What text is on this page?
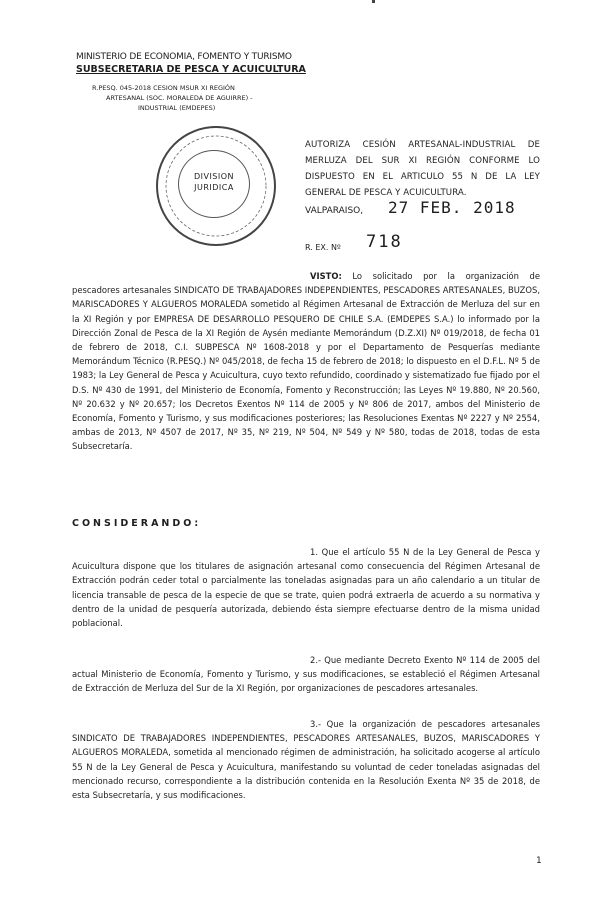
MINISTERIO DE ECONOMIA, FOMENTO Y TURISMO
SUBSECRETARIA DE PESCA Y ACUICULTURA
R.PESQ. 045-2018 CESION MSUR XI REGIÓN
ARTESANAL (SOC. MORALEDA DE AGUIRRE) -
INDUSTRIAL (EMDEPES)
DIVISION
JURIDICA
AUTORIZA CESIÓN ARTESANAL-INDUSTRIAL DE MERLUZA DEL SUR XI REGIÓN CONFORME LO DISPUESTO EN EL ARTICULO 55 N DE LA LEY GENERAL DE PESCA Y ACUICULTURA.
VALPARAISO, 27 FEB. 2018
R. EX. Nº 718
VISTO: Lo solicitado por la organización de pescadores artesanales SINDICATO DE TRABAJADORES INDEPENDIENTES, PESCADORES ARTESANALES, BUZOS, MARISCADORES Y ALGUEROS MORALEDA sometido al Régimen Artesanal de Extracción de Merluza del sur en la XI Región y por EMPRESA DE DESARROLLO PESQUERO DE CHILE S.A. (EMDEPES S.A.) lo informado por la Dirección Zonal de Pesca de la XI Región de Aysén mediante Memorándum (D.Z.XI) Nº 019/2018, de fecha 01 de febrero de 2018, C.I. SUBPESCA Nº 1608-2018 y por el Departamento de Pesquerías mediante Memorándum Técnico (R.PESQ.) Nº 045/2018, de fecha 15 de febrero de 2018; lo dispuesto en el D.F.L. Nº 5 de 1983; la Ley General de Pesca y Acuicultura, cuyo texto refundido, coordinado y sistematizado fue fijado por el D.S. Nº 430 de 1991, del Ministerio de Economía, Fomento y Reconstrucción; las Leyes Nº 19.880, Nº 20.560, Nº 20.632 y Nº 20.657; los Decretos Exentos Nº 114 de 2005 y Nº 806 de 2017, ambos del Ministerio de Economía, Fomento y Turismo, y sus modificaciones posteriores; las Resoluciones Exentas Nº 2227 y Nº 2554, ambas de 2013, Nº 4507 de 2017, Nº 35, Nº 219, Nº 504, Nº 549 y Nº 580, todas de 2018, todas de esta Subsecretaría.
CONSIDERANDO:
1. Que el artículo 55 N de la Ley General de Pesca y Acuicultura dispone que los titulares de asignación artesanal como consecuencia del Régimen Artesanal de Extracción podrán ceder total o parcialmente las toneladas asignadas para un año calendario a un titular de licencia transable de pesca de la especie de que se trate, quien podrá extraerla de acuerdo a su normativa y dentro de la unidad de pesquería autorizada, debiendo ésta siempre efectuarse dentro de la misma unidad poblacional.
2.- Que mediante Decreto Exento Nº 114 de 2005 del actual Ministerio de Economía, Fomento y Turismo, y sus modificaciones, se estableció el Régimen Artesanal de Extracción de Merluza del Sur de la XI Región, por organizaciones de pescadores artesanales.
3.- Que la organización de pescadores artesanales SINDICATO DE TRABAJADORES INDEPENDIENTES, PESCADORES ARTESANALES, BUZOS, MARISCADORES Y ALGUEROS MORALEDA, sometida al mencionado régimen de administración, ha solicitado acogerse al artículo 55 N de la Ley General de Pesca y Acuicultura, manifestando su voluntad de ceder toneladas asignadas del mencionado recurso, correspondiente a la distribución contenida en la Resolución Exenta Nº 35 de 2018, de esta Subsecretaría, y sus modificaciones.
1
